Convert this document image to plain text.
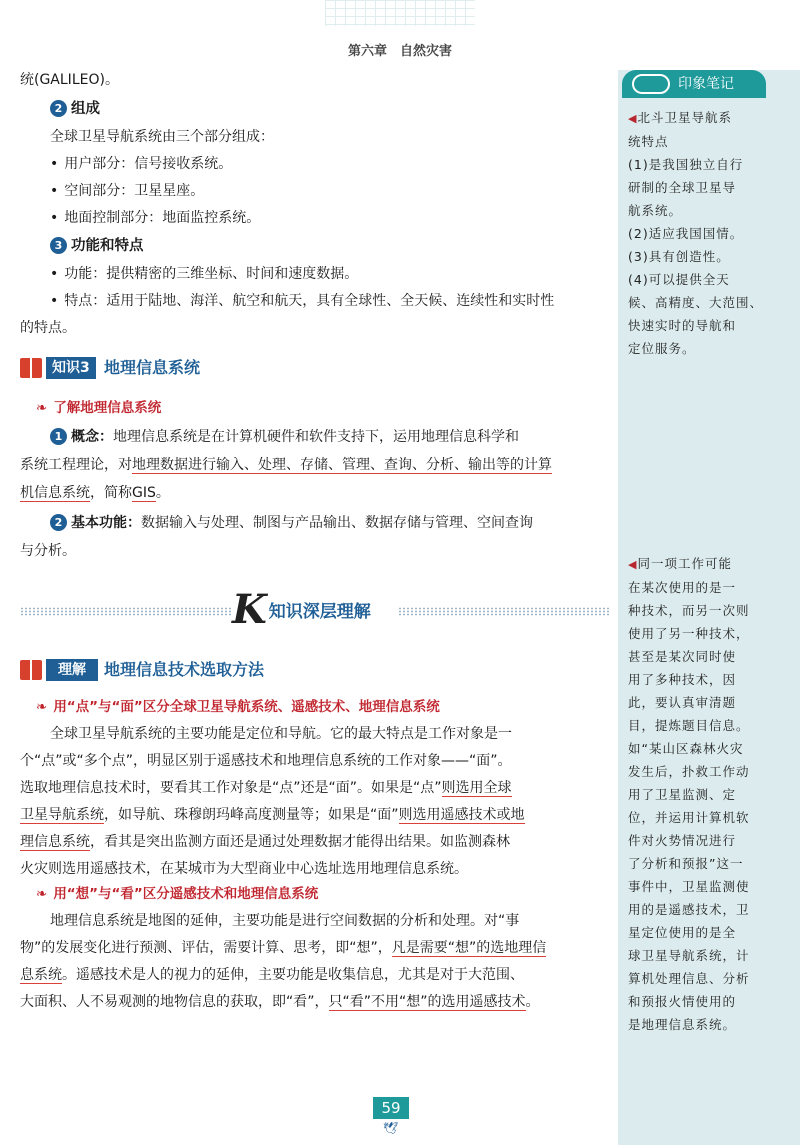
第六章　自然灾害
印象笔记
◀北斗卫星导航系
统特点
(1)是我国独立自行
研制的全球卫星导
航系统。
(2)适应我国国情。
(3)具有创造性。
(4)可以提供全天
候、高精度、大范围、
快速实时的导航和
定位服务。
◀同一项工作可能
在某次使用的是一
种技术，而另一次则
使用了另一种技术，
甚至是某次同时使
用了多种技术，因
此，要认真审清题
目，提炼题目信息。
如“某山区森林火灾
发生后，扑救工作动
用了卫星监测、定
位，并运用计算机软
件对火势情况进行
了分析和预报”这一
事件中，卫星监测使
用的是遥感技术，卫
星定位使用的是全
球卫星导航系统，计
算机处理信息、分析
和预报火情使用的
是地理信息系统。
统(GALILEO)。
2 组成
全球卫星导航系统由三个部分组成：
• 用户部分：信号接收系统。
• 空间部分：卫星星座。
• 地面控制部分：地面监控系统。
3 功能和特点
• 功能：提供精密的三维坐标、时间和速度数据。
• 特点：适用于陆地、海洋、航空和航天，具有全球性、全天候、连续性和实时性
的特点。
知识3 地理信息系统
❧ 了解地理信息系统
1 概念：地理信息系统是在计算机硬件和软件支持下，运用地理信息科学和
系统工程理论，对地理数据进行输入、处理、存储、管理、查询、分析、输出等的计算
机信息系统，简称GIS。
2 基本功能：数据输入与处理、制图与产品输出、数据存储与管理、空间查询
与分析。
K知识深层理解
理解	地理信息技术选取方法
❧ 用“点”与“面”区分全球卫星导航系统、遥感技术、地理信息系统
全球卫星导航系统的主要功能是定位和导航。它的最大特点是工作对象是一
个“点”或“多个点”，明显区别于遥感技术和地理信息系统的工作对象——“面”。
选取地理信息技术时，要看其工作对象是“点”还是“面”。如果是“点”则选用全球
卫星导航系统，如导航、珠穆朗玛峰高度测量等；如果是“面”则选用遥感技术或地
理信息系统，看其是突出监测方面还是通过处理数据才能得出结果。如监测森林
火灾则选用遥感技术，在某城市为大型商业中心选址选用地理信息系统。
❧ 用“想”与“看”区分遥感技术和地理信息系统
地理信息系统是地图的延伸，主要功能是进行空间数据的分析和处理。对“事
物”的发展变化进行预测、评估，需要计算、思考，即“想”，凡是需要“想”的选地理信
息系统。遥感技术是人的视力的延伸，主要功能是收集信息，尤其是对于大范围、
大面积、人不易观测的地物信息的获取，即“看”，只“看”不用“想”的选用遥感技术。
59
🕊
